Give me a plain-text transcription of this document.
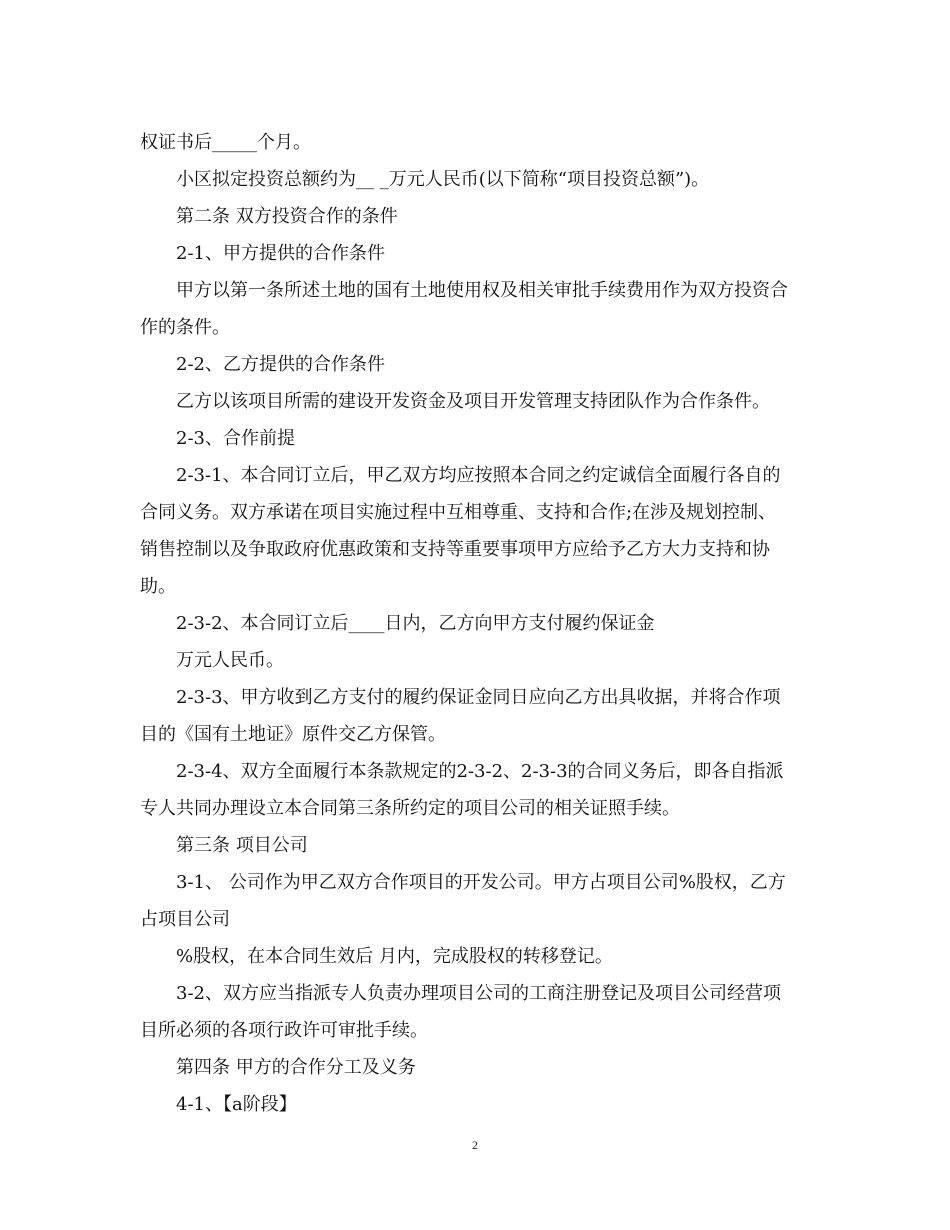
权证书后_____个月。
小区拟定投资总额约为__ _万元人民币(以下简称“项目投资总额”)。
第二条 双方投资合作的条件
2-1、甲方提供的合作条件
甲方以第一条所述土地的国有土地使用权及相关审批手续费用作为双方投资合
作的条件。
2-2、乙方提供的合作条件
乙方以该项目所需的建设开发资金及项目开发管理支持团队作为合作条件。
2-3、合作前提
2-3-1、本合同订立后，甲乙双方均应按照本合同之约定诚信全面履行各自的
合同义务。双方承诺在项目实施过程中互相尊重、支持和合作;在涉及规划控制、
销售控制以及争取政府优惠政策和支持等重要事项甲方应给予乙方大力支持和协
助。
2-3-2、本合同订立后____日内，乙方向甲方支付履约保证金
万元人民币。
2-3-3、甲方收到乙方支付的履约保证金同日应向乙方出具收据，并将合作项
目的《国有土地证》原件交乙方保管。
2-3-4、双方全面履行本条款规定的2-3-2、2-3-3的合同义务后，即各自指派
专人共同办理设立本合同第三条所约定的项目公司的相关证照手续。
第三条 项目公司
3-1、 公司作为甲乙双方合作项目的开发公司。甲方占项目公司%股权，乙方
占项目公司
%股权，在本合同生效后 月内，完成股权的转移登记。
3-2、双方应当指派专人负责办理项目公司的工商注册登记及项目公司经营项
目所必须的各项行政许可审批手续。
第四条 甲方的合作分工及义务
4-1、【a阶段】
2
